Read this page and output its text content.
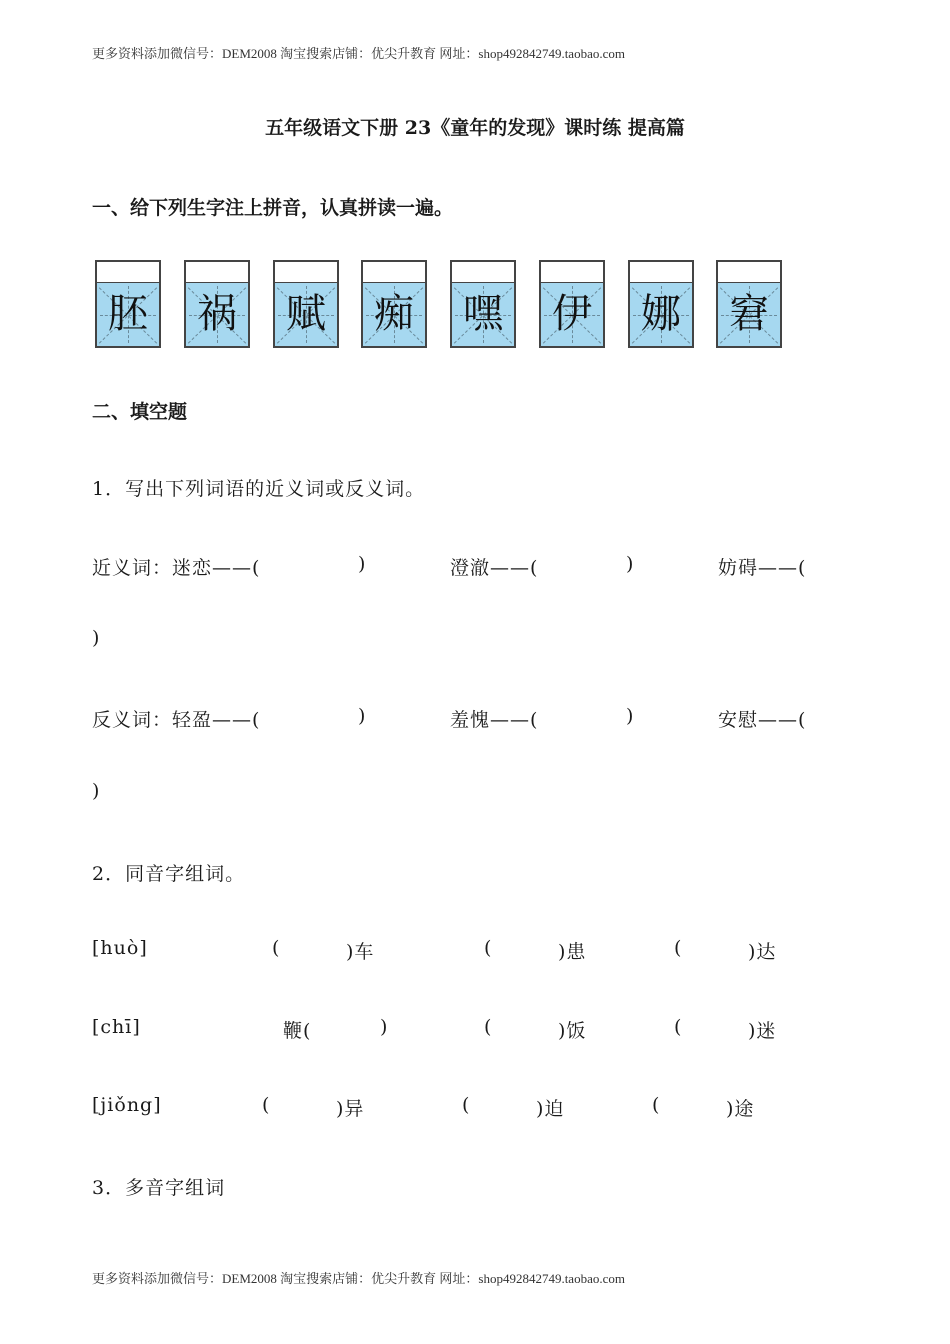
更多资料添加微信号：DEM2008 淘宝搜索店铺：优尖升教育 网址：shop492842749.taobao.com
五年级语文下册 23《童年的发现》课时练 提高篇
一、给下列生字注上拼音，认真拼读一遍。
胚 祸 赋 痴 嘿 伊 娜 窘
二、填空题
1．写出下列词语的近义词或反义词。
近义词：迷恋——(	)	澄澈——(	)	妨碍——(
)
反义词：轻盈——(	)	羞愧——(	)	安慰——(
)
2．同音字组词。
[huò]	(	)车	(	)患	(	)达
[chī]	鞭(	)	(	)饭	(	)迷
[jiǒng]	(	)异	(	)迫	(	)途
3．多音字组词
更多资料添加微信号：DEM2008 淘宝搜索店铺：优尖升教育 网址：shop492842749.taobao.com
